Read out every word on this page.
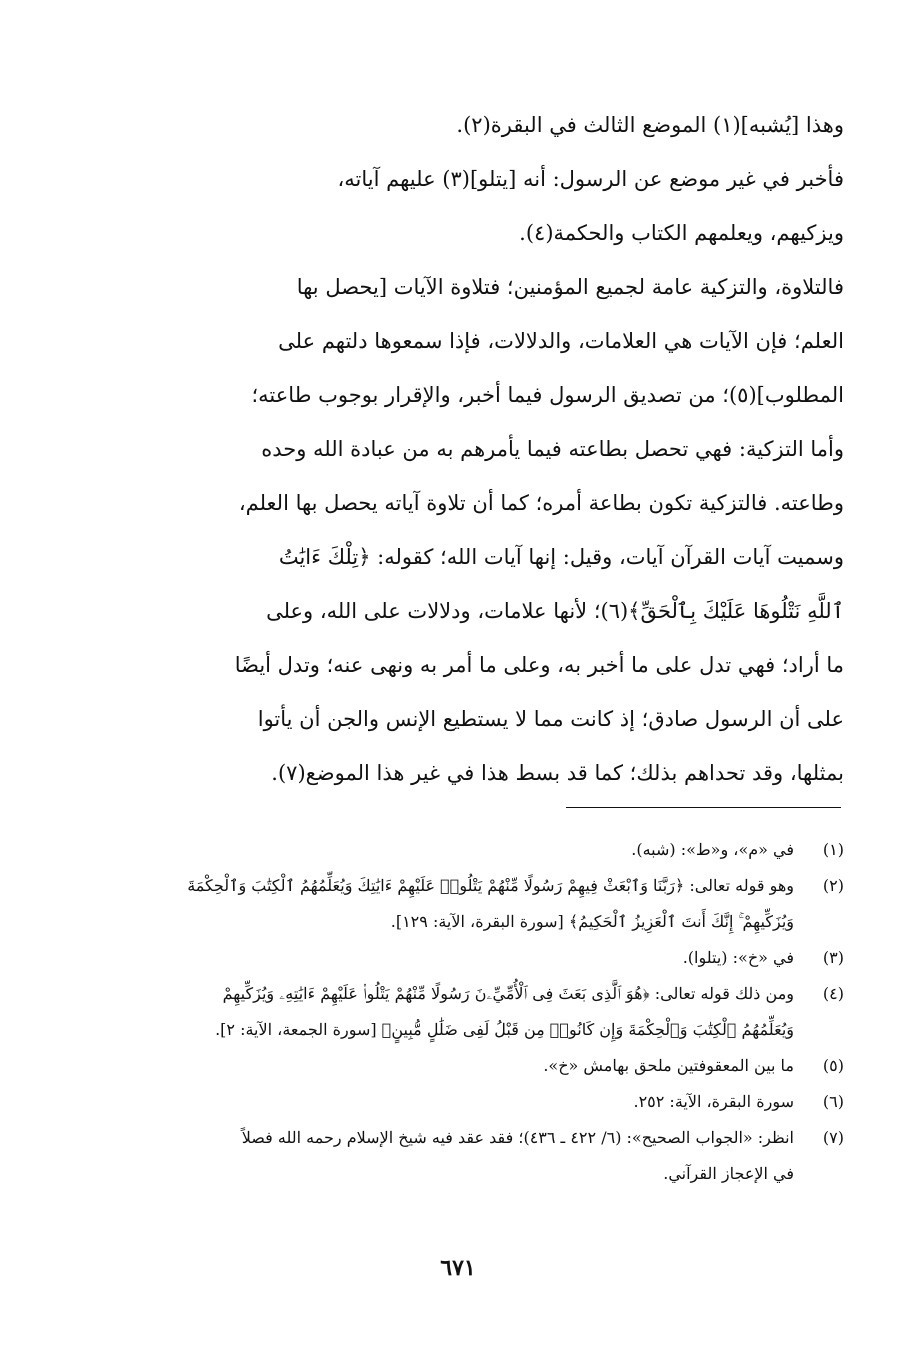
وهذا [يُشبه](١) الموضع الثالث في البقرة(٢).
فأخبر في غير موضع عن الرسول: أنه [يتلو](٣) عليهم آياته،
ويزكيهم، ويعلمهم الكتاب والحكمة(٤).
فالتلاوة، والتزكية عامة لجميع المؤمنين؛ فتلاوة الآيات [يحصل بها
العلم؛ فإن الآيات هي العلامات، والدلالات، فإذا سمعوها دلتهم على
المطلوب](٥)؛ من تصديق الرسول فيما أخبر، والإقرار بوجوب طاعته؛
وأما التزكية: فهي تحصل بطاعته فيما يأمرهم به من عبادة الله وحده
وطاعته. فالتزكية تكون بطاعة أمره؛ كما أن تلاوة آياته يحصل بها العلم،
وسميت آيات القرآن آيات، وقيل: إنها آيات الله؛ كقوله: ﴿تِلْكَ ءَايَٰتُ
ٱللَّهِ نَتْلُوهَا عَلَيْكَ بِٱلْحَقِّ﴾(٦)؛ لأنها علامات، ودلالات على الله، وعلى
ما أراد؛ فهي تدل على ما أخبر به، وعلى ما أمر به ونهى عنه؛ وتدل أيضًا
على أن الرسول صادق؛ إذ كانت مما لا يستطيع الإنس والجن أن يأتوا
بمثلها، وقد تحداهم بذلك؛ كما قد بسط هذا في غير هذا الموضع(٧).
(١)
في «م»، و«ط»: (شبه).
(٢)
وهو قوله تعالى: ﴿رَبَّنَا وَٱبْعَثْ فِيهِمْ رَسُولًا مِّنْهُمْ يَتْلُوا۟ عَلَيْهِمْ ءَايَٰتِكَ وَيُعَلِّمُهُمُ ٱلْكِتَٰبَ وَٱلْحِكْمَةَ
وَيُزَكِّيهِمْ ۚ إِنَّكَ أَنتَ ٱلْعَزِيزُ ٱلْحَكِيمُ﴾ [سورة البقرة، الآية: ١٢٩].
(٣)
في «خ»: (يتلوا).
(٤)
ومن ذلك قوله تعالى: ﴿هُوَ ٱلَّذِى بَعَثَ فِى ٱلْأُمِّيِّۦنَ رَسُولًا مِّنْهُمْ يَتْلُوا۟ عَلَيْهِمْ ءَايَٰتِهِۦ وَيُزَكِّيهِمْ
وَيُعَلِّمُهُمُ ٱلْكِتَٰبَ وَٱلْحِكْمَةَ وَإِن كَانُوا۟ مِن قَبْلُ لَفِى ضَلَٰلٍ مُّبِينٍ﴾ [سورة الجمعة، الآية: ٢].
(٥)
ما بين المعقوفتين ملحق بهامش «خ».
(٦)
سورة البقرة، الآية: ٢٥٢.
(٧)
انظر: «الجواب الصحيح»: (٦/ ٤٢٢ ـ ٤٣٦)؛ فقد عقد فيه شيخ الإسلام رحمه الله فصلاً
في الإعجاز القرآني.
٦٧١
